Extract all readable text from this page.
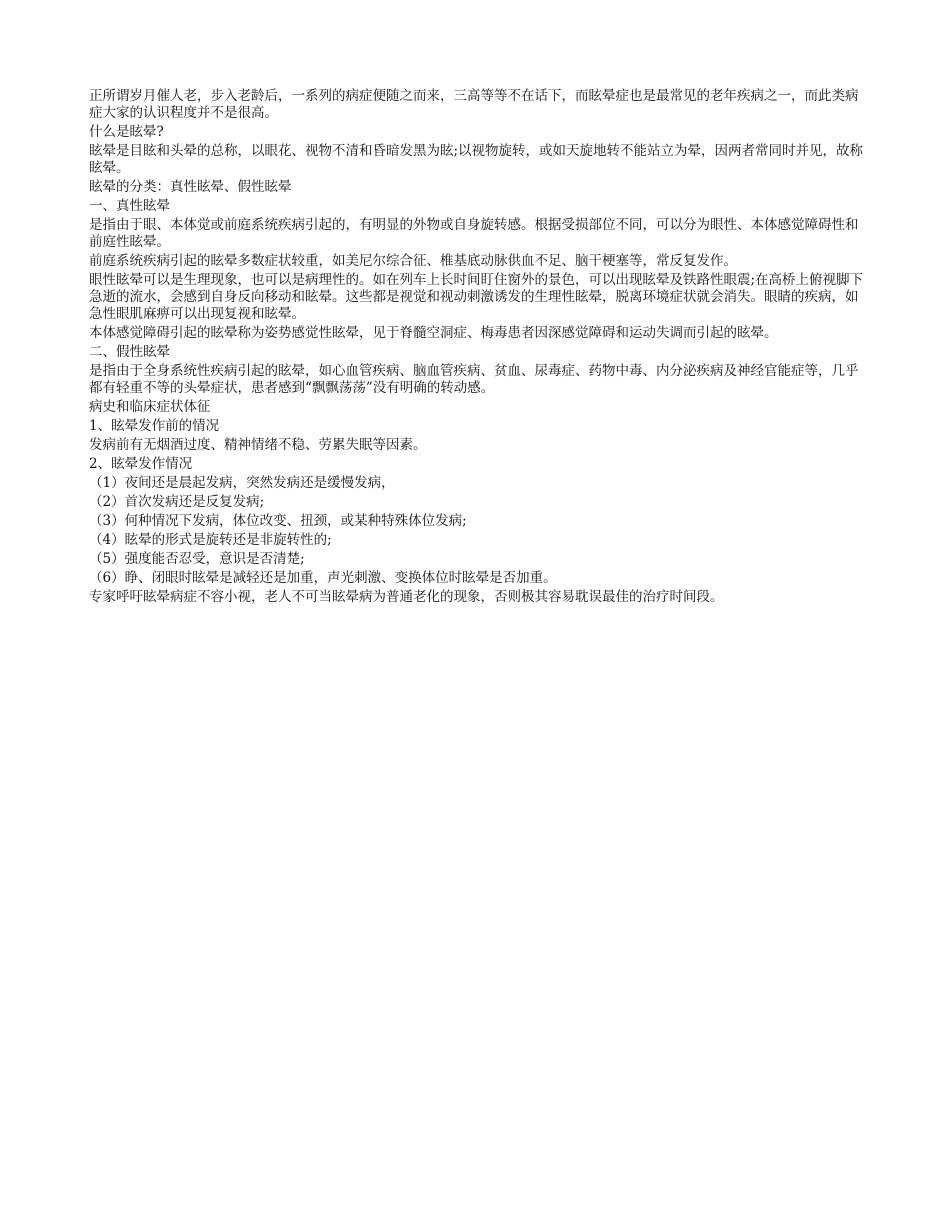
正所谓岁月催人老，步入老龄后，一系列的病症便随之而来，三高等等不在话下，而眩晕症也是最常见的老年疾病之一，而此类病症大家的认识程度并不是很高。

什么是眩晕?

眩晕是目眩和头晕的总称，以眼花、视物不清和昏暗发黑为眩;以视物旋转，或如天旋地转不能站立为晕，因两者常同时并见，故称眩晕。

眩晕的分类：真性眩晕、假性眩晕

一、真性眩晕

是指由于眼、本体觉或前庭系统疾病引起的，有明显的外物或自身旋转感。根据受损部位不同，可以分为眼性、本体感觉障碍性和前庭性眩晕。

前庭系统疾病引起的眩晕多数症状较重，如美尼尔综合征、椎基底动脉供血不足、脑干梗塞等，常反复发作。

眼性眩晕可以是生理现象，也可以是病理性的。如在列车上长时间盯住窗外的景色，可以出现眩晕及铁路性眼震;在高桥上俯视脚下急逝的流水，会感到自身反向移动和眩晕。这些都是视觉和视动刺激诱发的生理性眩晕，脱离环境症状就会消失。眼睛的疾病，如急性眼肌麻痹可以出现复视和眩晕。

本体感觉障碍引起的眩晕称为姿势感觉性眩晕，见于脊髓空洞症、梅毒患者因深感觉障碍和运动失调而引起的眩晕。

二、假性眩晕

是指由于全身系统性疾病引起的眩晕，如心血管疾病、脑血管疾病、贫血、尿毒症、药物中毒、内分泌疾病及神经官能症等，几乎都有轻重不等的头晕症状，患者感到“飘飘荡荡”没有明确的转动感。

病史和临床症状体征

1、眩晕发作前的情况

发病前有无烟酒过度、精神情绪不稳、劳累失眠等因素。

2、眩晕发作情况

（1）夜间还是晨起发病，突然发病还是缓慢发病，

（2）首次发病还是反复发病;

（3）何种情况下发病，体位改变、扭颈，或某种特殊体位发病;

（4）眩晕的形式是旋转还是非旋转性的;

（5）强度能否忍受，意识是否清楚;

（6）睁、闭眼时眩晕是减轻还是加重，声光刺激、变换体位时眩晕是否加重。

专家呼吁眩晕病症不容小视，老人不可当眩晕病为普通老化的现象，否则极其容易耽误最佳的治疗时间段。
